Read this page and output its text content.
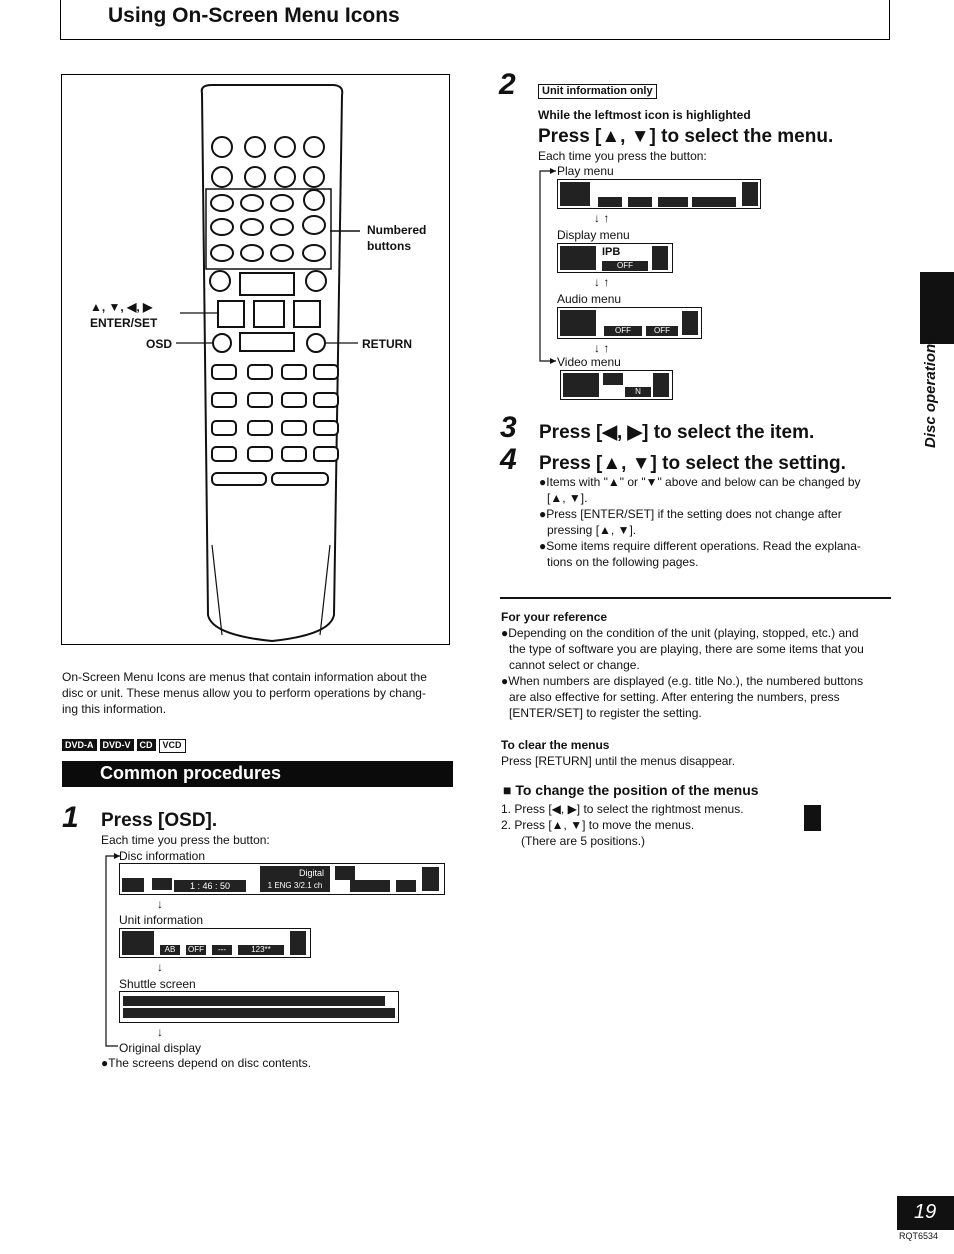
Using On-Screen Menu Icons
Numbered
buttons
▲, ▼, ◀, ▶
ENTER/SET
OSD	RETURN
On-Screen Menu Icons are menus that contain information about the
disc or unit. These menus allow you to perform operations by chang-
ing this information.
DVD-A DVD-V CD VCD
Common procedures
1 Press [OSD].
Each time you press the button:
Disc information
1 : 46 : 50
Digital
1 ENG 3/2.1 ch
↓
Unit information
AB	OFF	---	123**
↓
Shuttle screen
↓
Original display
●The screens depend on disc contents.
2	Unit information only
While the leftmost icon is highlighted
Press [▲, ▼] to select the menu.
Each time you press the button:
Play menu
↓ ↑
Display menu
IPB
OFF
↓ ↑
Audio menu
OFF	OFF
↓ ↑
Video menu
N
3 Press [◀, ▶] to select the item.
4 Press [▲, ▼] to select the setting.
●Items with "▲" or "▼" above and below can be changed by
[▲, ▼].
●Press [ENTER/SET] if the setting does not change after
pressing [▲, ▼].
●Some items require different operations. Read the explana-
tions on the following pages.
For your reference
●Depending on the condition of the unit (playing, stopped, etc.) and
the type of software you are playing, there are some items that you
cannot select or change.
●When numbers are displayed (e.g. title No.), the numbered buttons
are also effective for setting. After entering the numbers, press
[ENTER/SET] to register the setting.
To clear the menus
Press [RETURN] until the menus disappear.
■ To change the position of the menus
1. Press [◀, ▶] to select the rightmost menus.
2. Press [▲, ▼] to move the menus.
(There are 5 positions.)
Disc operations
19
RQT6534
